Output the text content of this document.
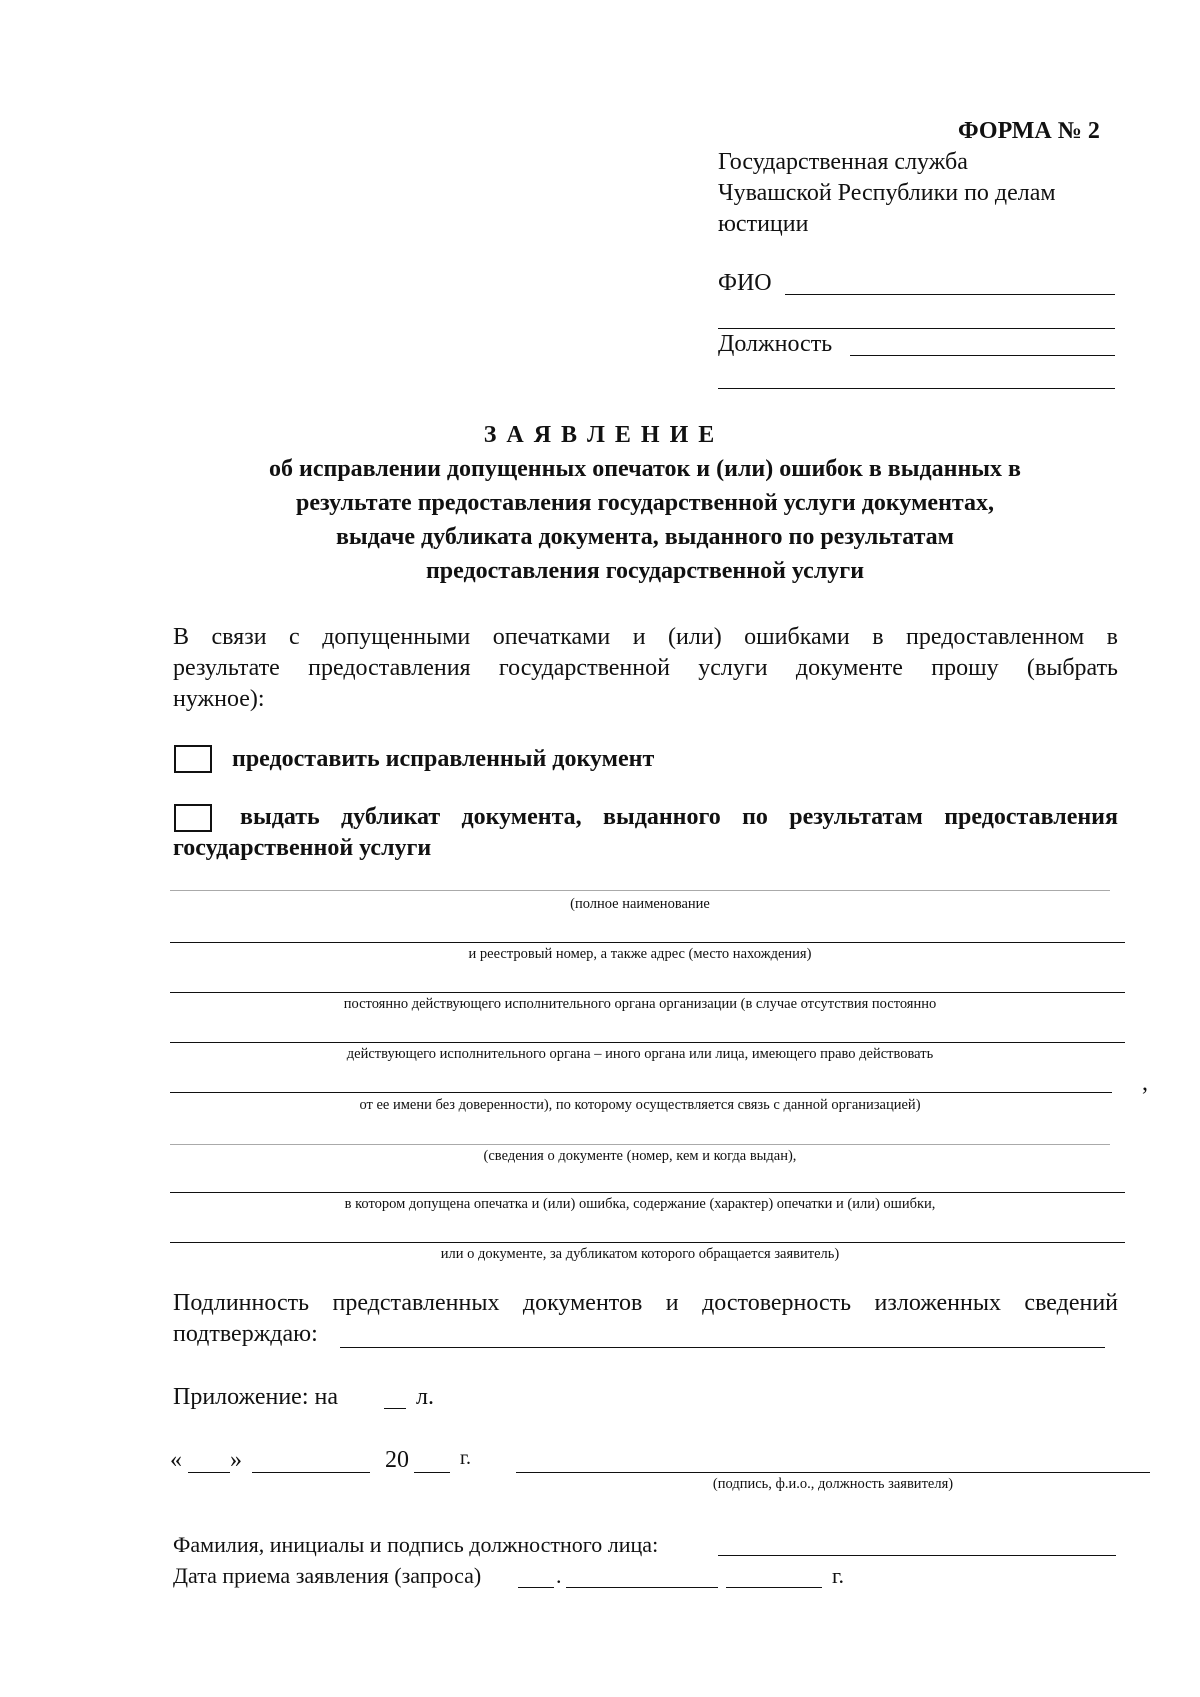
ФОРМА № 2
Государственная служба
Чувашской Республики по делам
юстиции
ФИО
Должность
З А Я В Л Е Н И Е
об исправлении допущенных опечаток и (или) ошибок в выданных в
результате предоставления государственной услуги документах,
выдаче дубликата документа, выданного по результатам
предоставления государственной услуги
В связи с допущенными опечатками и (или) ошибками в предоставленном в
результате предоставления государственной услуги документе прошу (выбрать
нужное):
предоставить исправленный документ
выдать дубликат документа, выданного по результатам предоставления
государственной услуги
(полное наименование
и реестровый номер, а также адрес (место нахождения)
постоянно действующего исполнительного органа организации (в случае отсутствия постоянно
действующего исполнительного органа – иного органа или лица, имеющего право действовать
,
от ее имени без доверенности), по которому осуществляется связь с данной организацией)
(сведения о документе (номер, кем и когда выдан),
в котором допущена опечатка и (или) ошибка, содержание (характер) опечатки и (или) ошибки,
или о документе, за дубликатом которого обращается заявитель)
Подлинность представленных документов и достоверность изложенных сведений
подтверждаю:
Приложение: на	л.
« »	20	г.
(подпись, ф.и.о., должность заявителя)
Фамилия, инициалы и подпись должностного лица:
Дата приема заявления (запроса)	.	г.
